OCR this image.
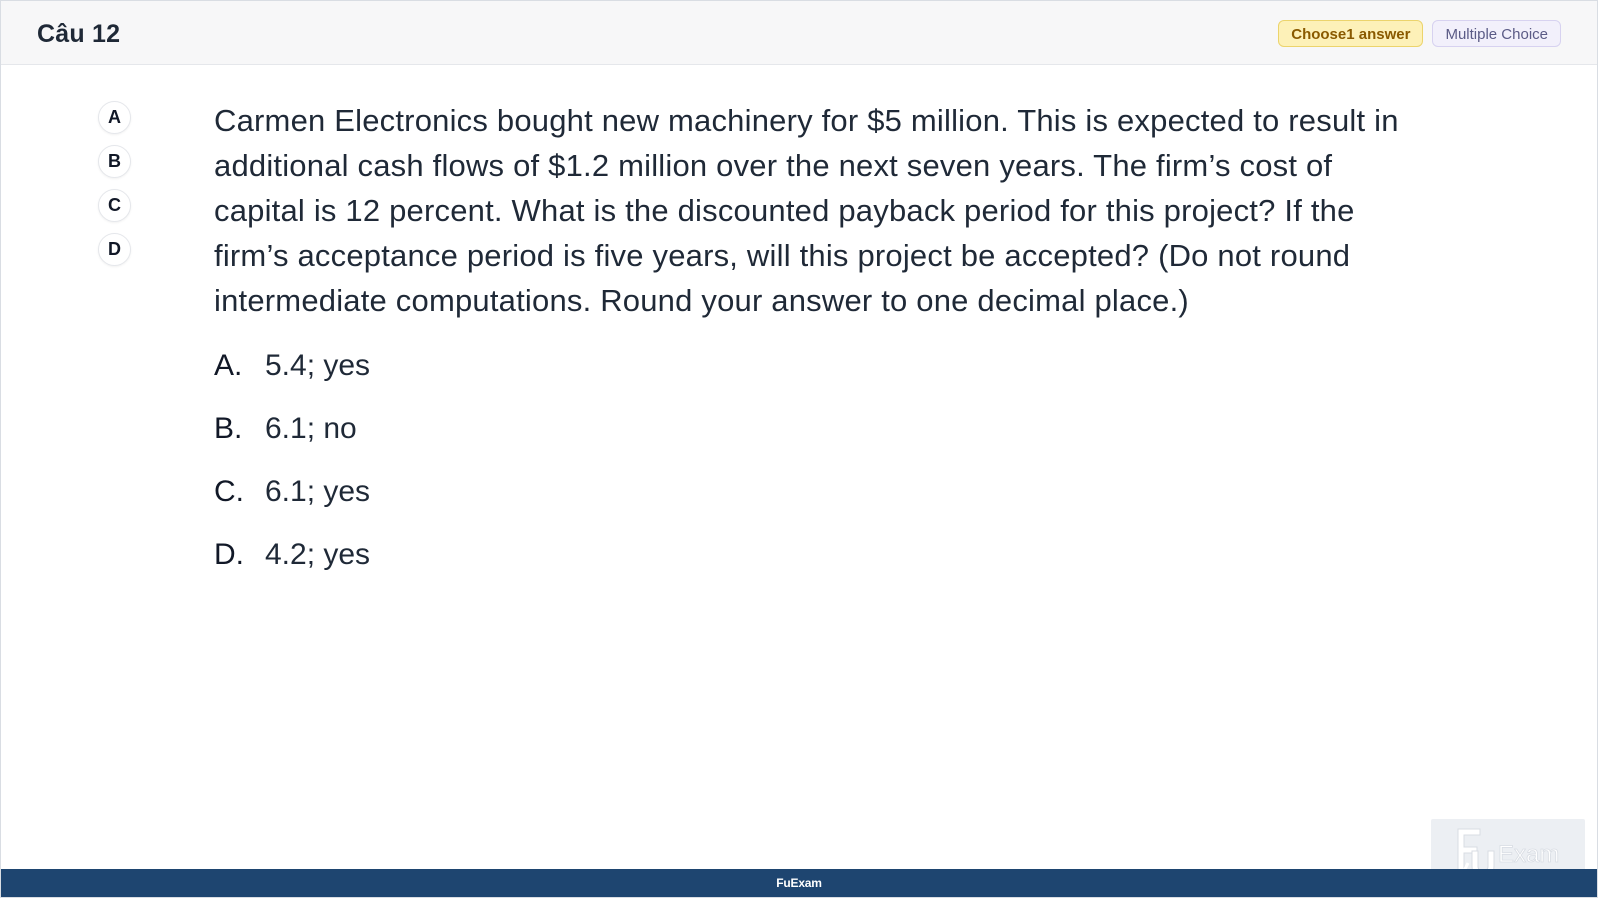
Câu 12	Choose1 answer	Multiple Choice
A
B
C
D

Carmen Electronics bought new machinery for $5 million. This is expected to result in additional cash flows of $1.2 million over the next seven years. The firm’s cost of capital is 12 percent. What is the discounted payback period for this project? If the firm’s acceptance period is five years, will this project be accepted? (Do not round intermediate computations. Round your answer to one decimal place.)

A. 5.4; yes
B. 6.1; no
C. 6.1; yes
D. 4.2; yes
Exam
FuExam
